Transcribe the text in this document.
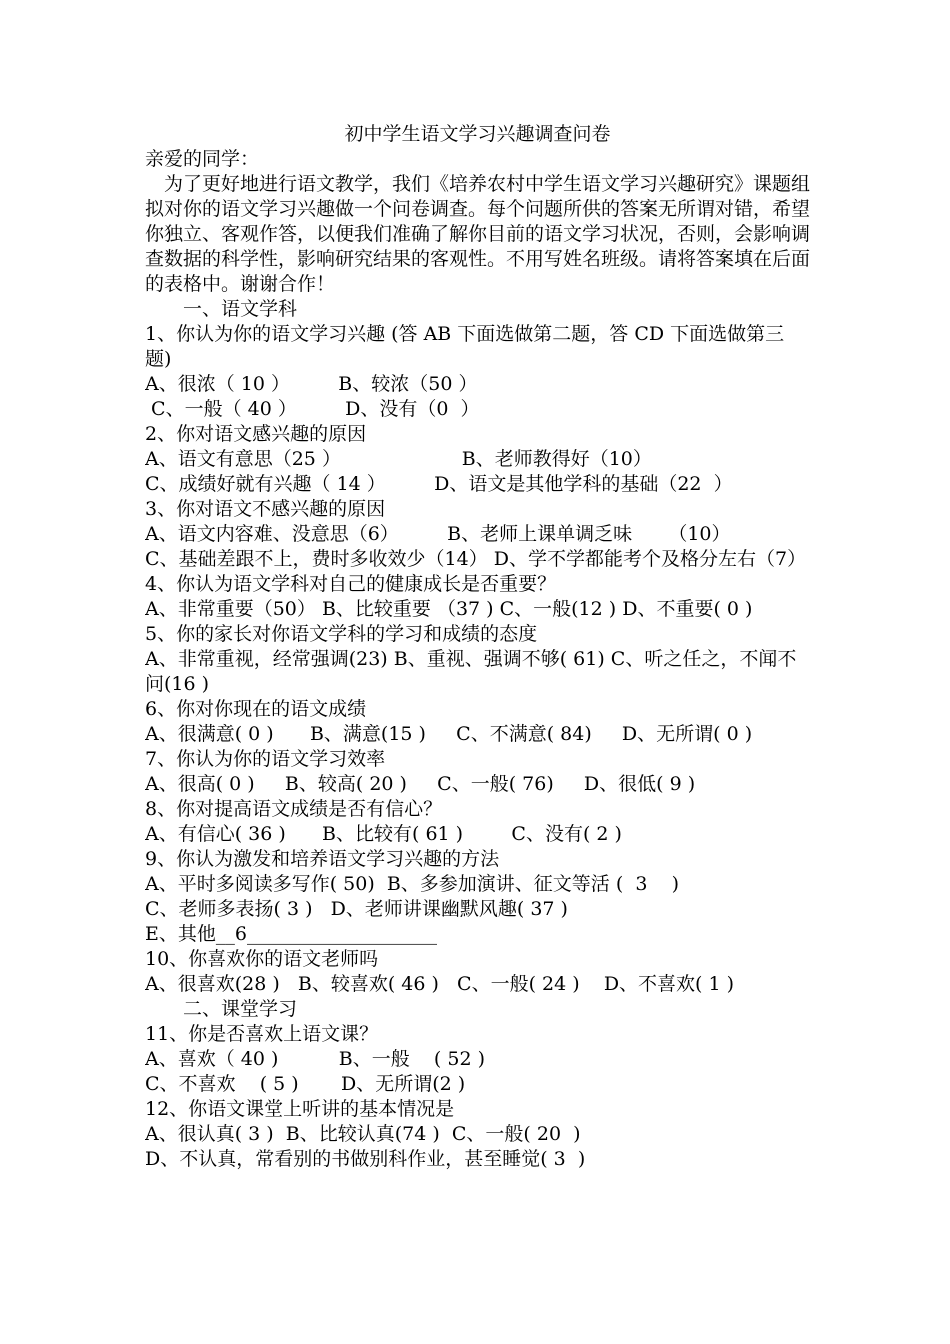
初中学生语文学习兴趣调查问卷
亲爱的同学：
为了更好地进行语文教学，我们《培养农村中学生语文学习兴趣研究》课题组拟对你的语文学习兴趣做一个问卷调查。每个问题所供的答案无所谓对错，希望你独立、客观作答，以便我们准确了解你目前的语文学习状况，否则，会影响调查数据的科学性，影响研究结果的客观性。不用写姓名班级。请将答案填在后面的表格中。谢谢合作！
一、语文学科
1、你认为你的语文学习兴趣 (答 AB 下面选做第二题，答 CD 下面选做第三题)
A、很浓（ 10 ）        B、较浓（50 ）
C、一般（ 40 ）        D、没有（0  ）
2、你对语文感兴趣的原因
A、语文有意思（25 ）                    B、老师教得好（10）
C、成绩好就有兴趣（ 14 ）        D、语文是其他学科的基础（22  ）
3、你对语文不感兴趣的原因
A、语文内容难、没意思（6）        B、老师上课单调乏味      （10）
C、基础差跟不上，费时多收效少（14） D、学不学都能考个及格分左右（7）
4、你认为语文学科对自己的健康成长是否重要？
A、非常重要（50） B、比较重要 （37 ) C、一般(12 ) D、不重要( 0 )
5、你的家长对你语文学科的学习和成绩的态度
A、非常重视，经常强调(23) B、重视、强调不够( 61) C、听之任之，不闻不问(16 )
6、你对你现在的语文成绩
A、很满意( 0 )      B、满意(15 )     C、不满意( 84)     D、无所谓( 0 )
7、你认为你的语文学习效率
A、很高( 0 )     B、较高( 20 )     C、一般( 76)     D、很低( 9 )
8、你对提高语文成绩是否有信心？
A、有信心( 36 )      B、比较有( 61 )        C、没有( 2 )
9、你认为激发和培养语文学习兴趣的方法
A、平时多阅读多写作( 50)  B、多参加演讲、征文等活 (  3    )
C、老师多表扬( 3 )   D、老师讲课幽默风趣( 37 )
E、其他__6____________________
10、你喜欢你的语文老师吗
A、很喜欢(28 )   B、较喜欢( 46 )   C、一般( 24 )    D、不喜欢( 1 )
二、课堂学习
11、你是否喜欢上语文课？
A、喜欢（ 40 )          B、一般    ( 52 )
C、不喜欢    ( 5 )       D、无所谓(2 )
12、你语文课堂上听讲的基本情况是
A、很认真( 3 )  B、比较认真(74 )  C、一般( 20  )
D、不认真，常看别的书做别科作业，甚至睡觉( 3  )
